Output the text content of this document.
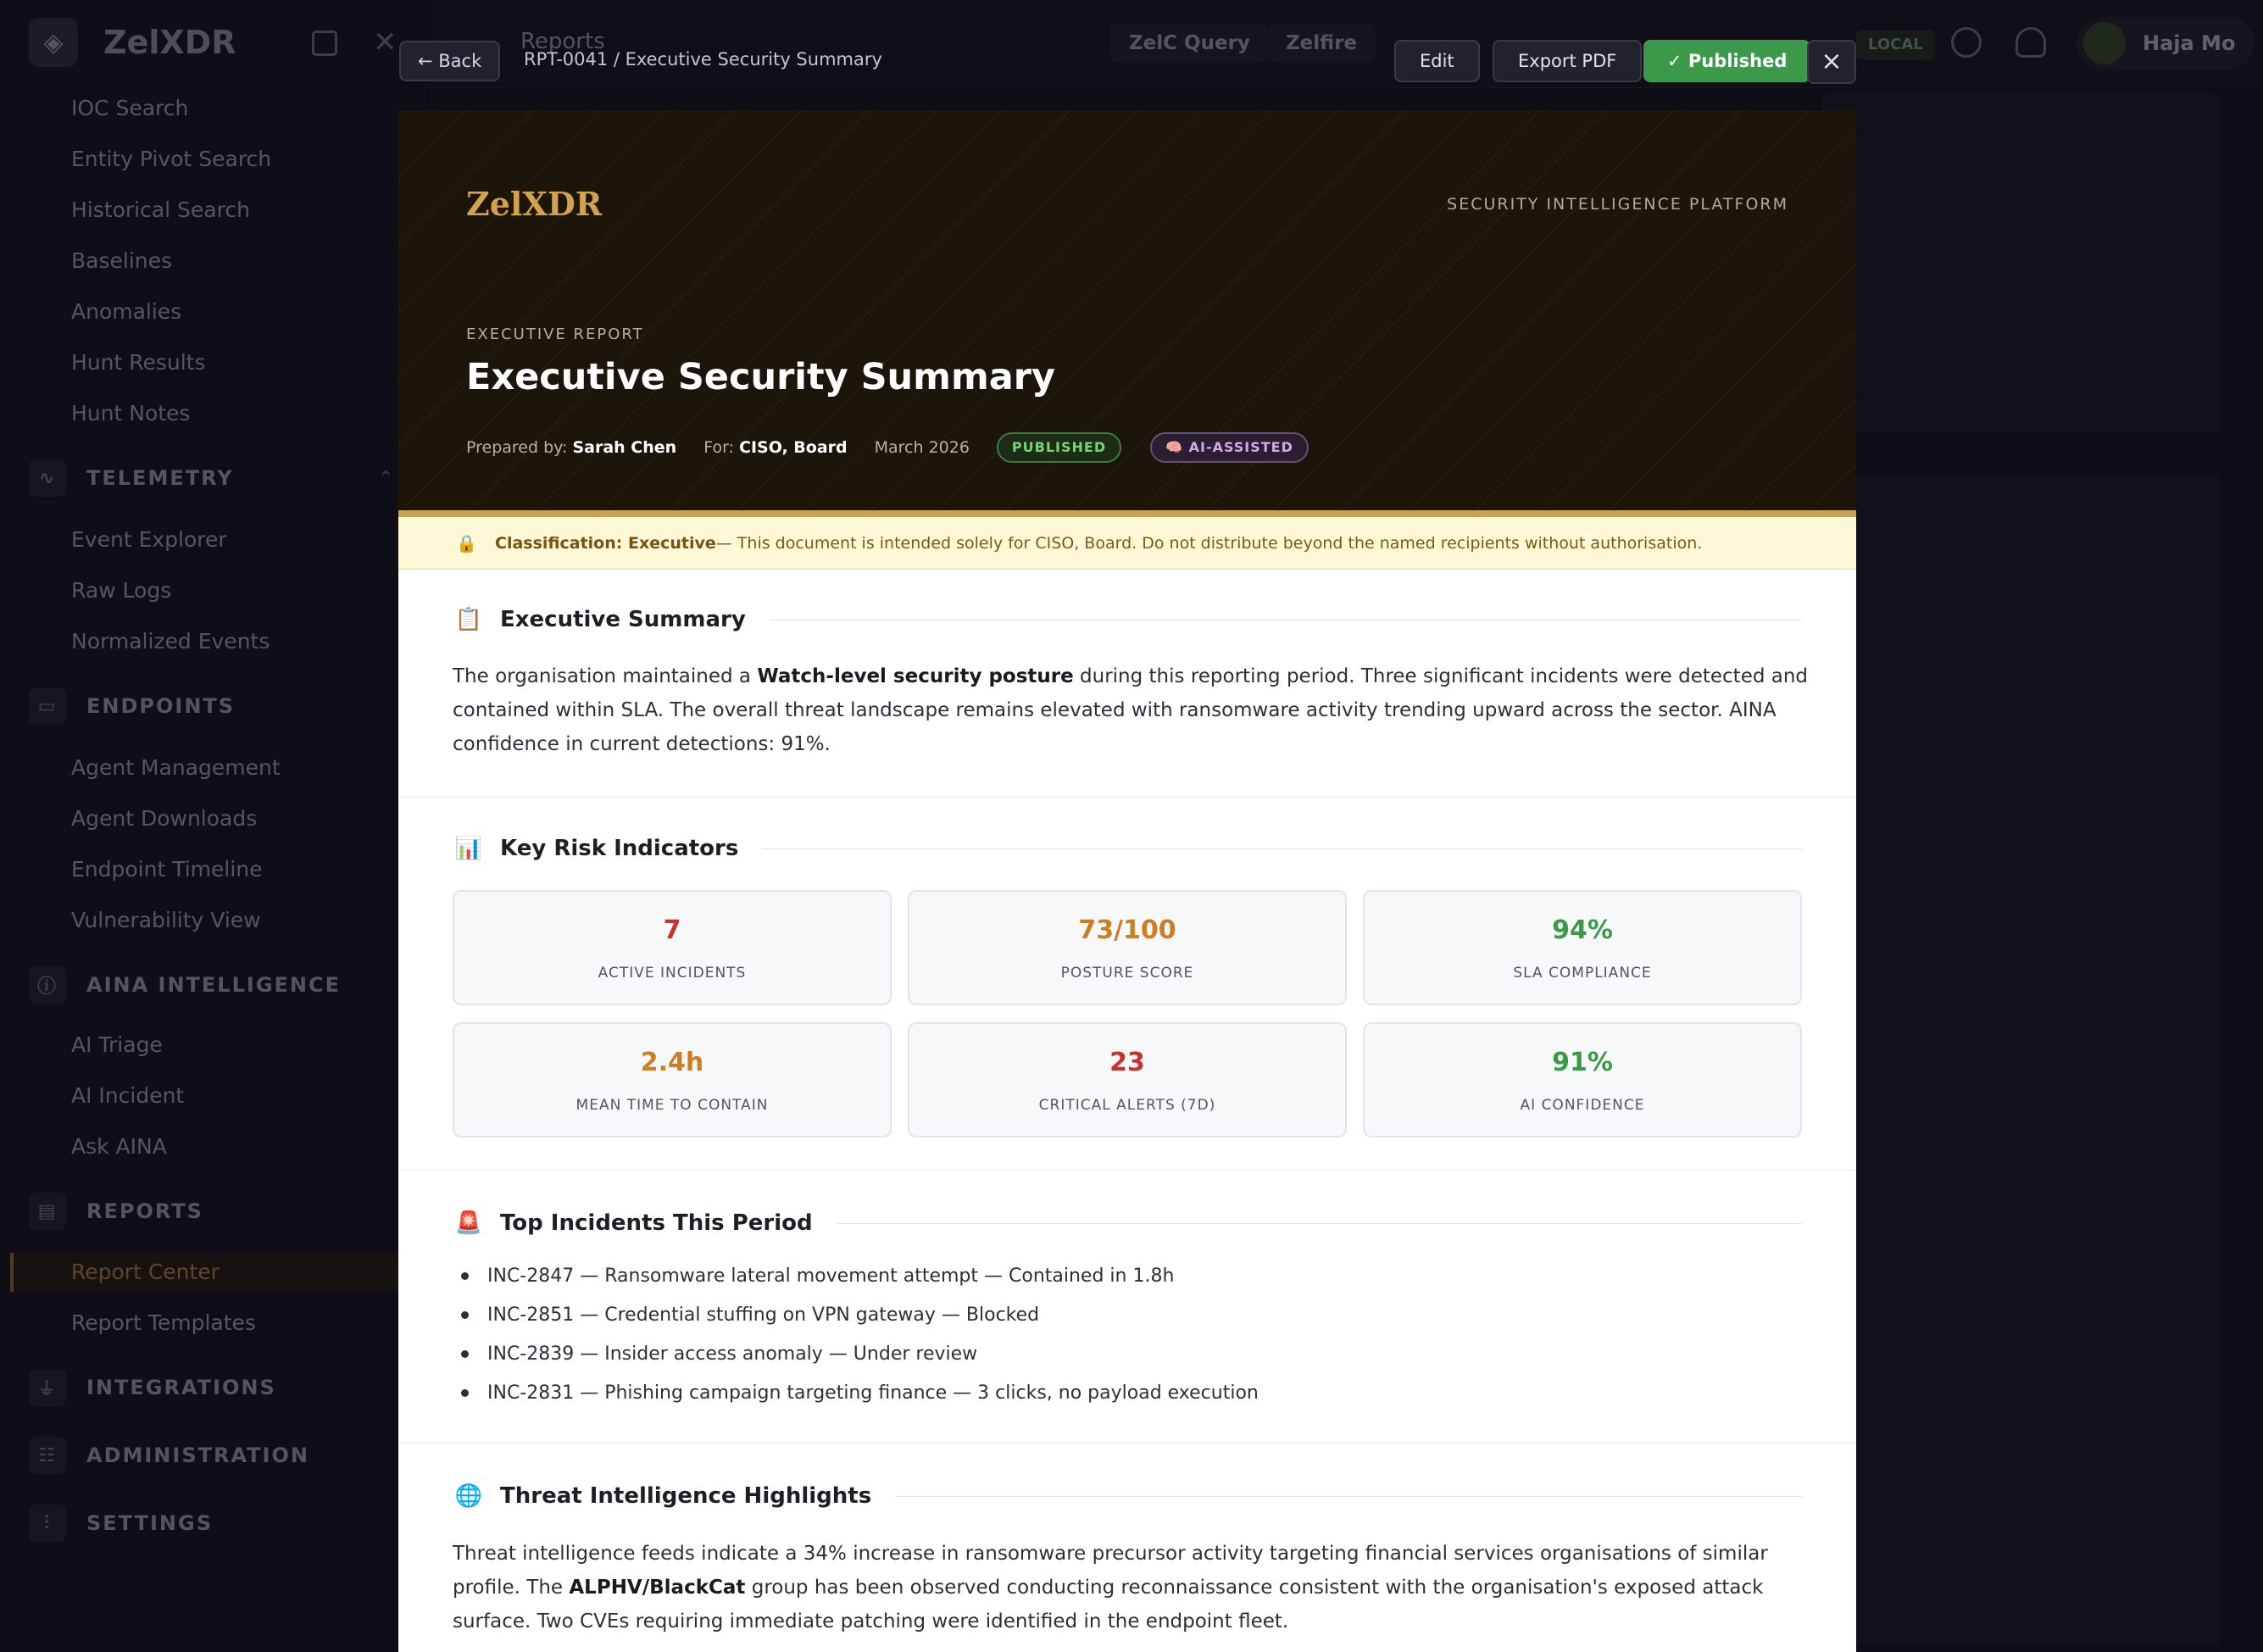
← Back	RPT-0041 / Executive Security Summary	Edit	Export PDF	✓ Published	×
ZelXDR	SECURITY INTELLIGENCE PLATFORM
EXECUTIVE REPORT
Executive Security Summary
Prepared by:
Sarah Chen For:
CISO, Board March 2026	PUBLISHED	🧠 AI-ASSISTED
🔒 Classification: Executive — This document is intended solely for CISO, Board. Do not distribute beyond the named recipients without authorisation.
📋 Executive Summary

The organisation maintained a Watch-level security posture during this reporting period. Three significant incidents were detected and contained within SLA. The overall threat landscape remains elevated with ransomware activity trending upward across the sector. AINA confidence in current detections: 91%.

📊 Key Risk Indicators
7
ACTIVE INCIDENTS
73/100
POSTURE SCORE
94%
SLA COMPLIANCE
2.4h
MEAN TIME TO CONTAIN
23
CRITICAL ALERTS (7D)
91%
AI CONFIDENCE
🚨 Top Incidents This Period
INC-2847 — Ransomware lateral movement attempt — Contained in 1.8h
INC-2851 — Credential stuffing on VPN gateway — Blocked
INC-2839 — Insider access anomaly — Under review
INC-2831 — Phishing campaign targeting finance — 3 clicks, no payload execution
🌐 Threat Intelligence Highlights

Threat intelligence feeds indicate a 34% increase in ransomware precursor activity targeting financial services organisations of similar profile. The ALPHV/BlackCat group has been observed conducting reconnaissance consistent with the organisation's exposed attack surface. Two CVEs requiring immediate patching were identified in the endpoint fleet.
